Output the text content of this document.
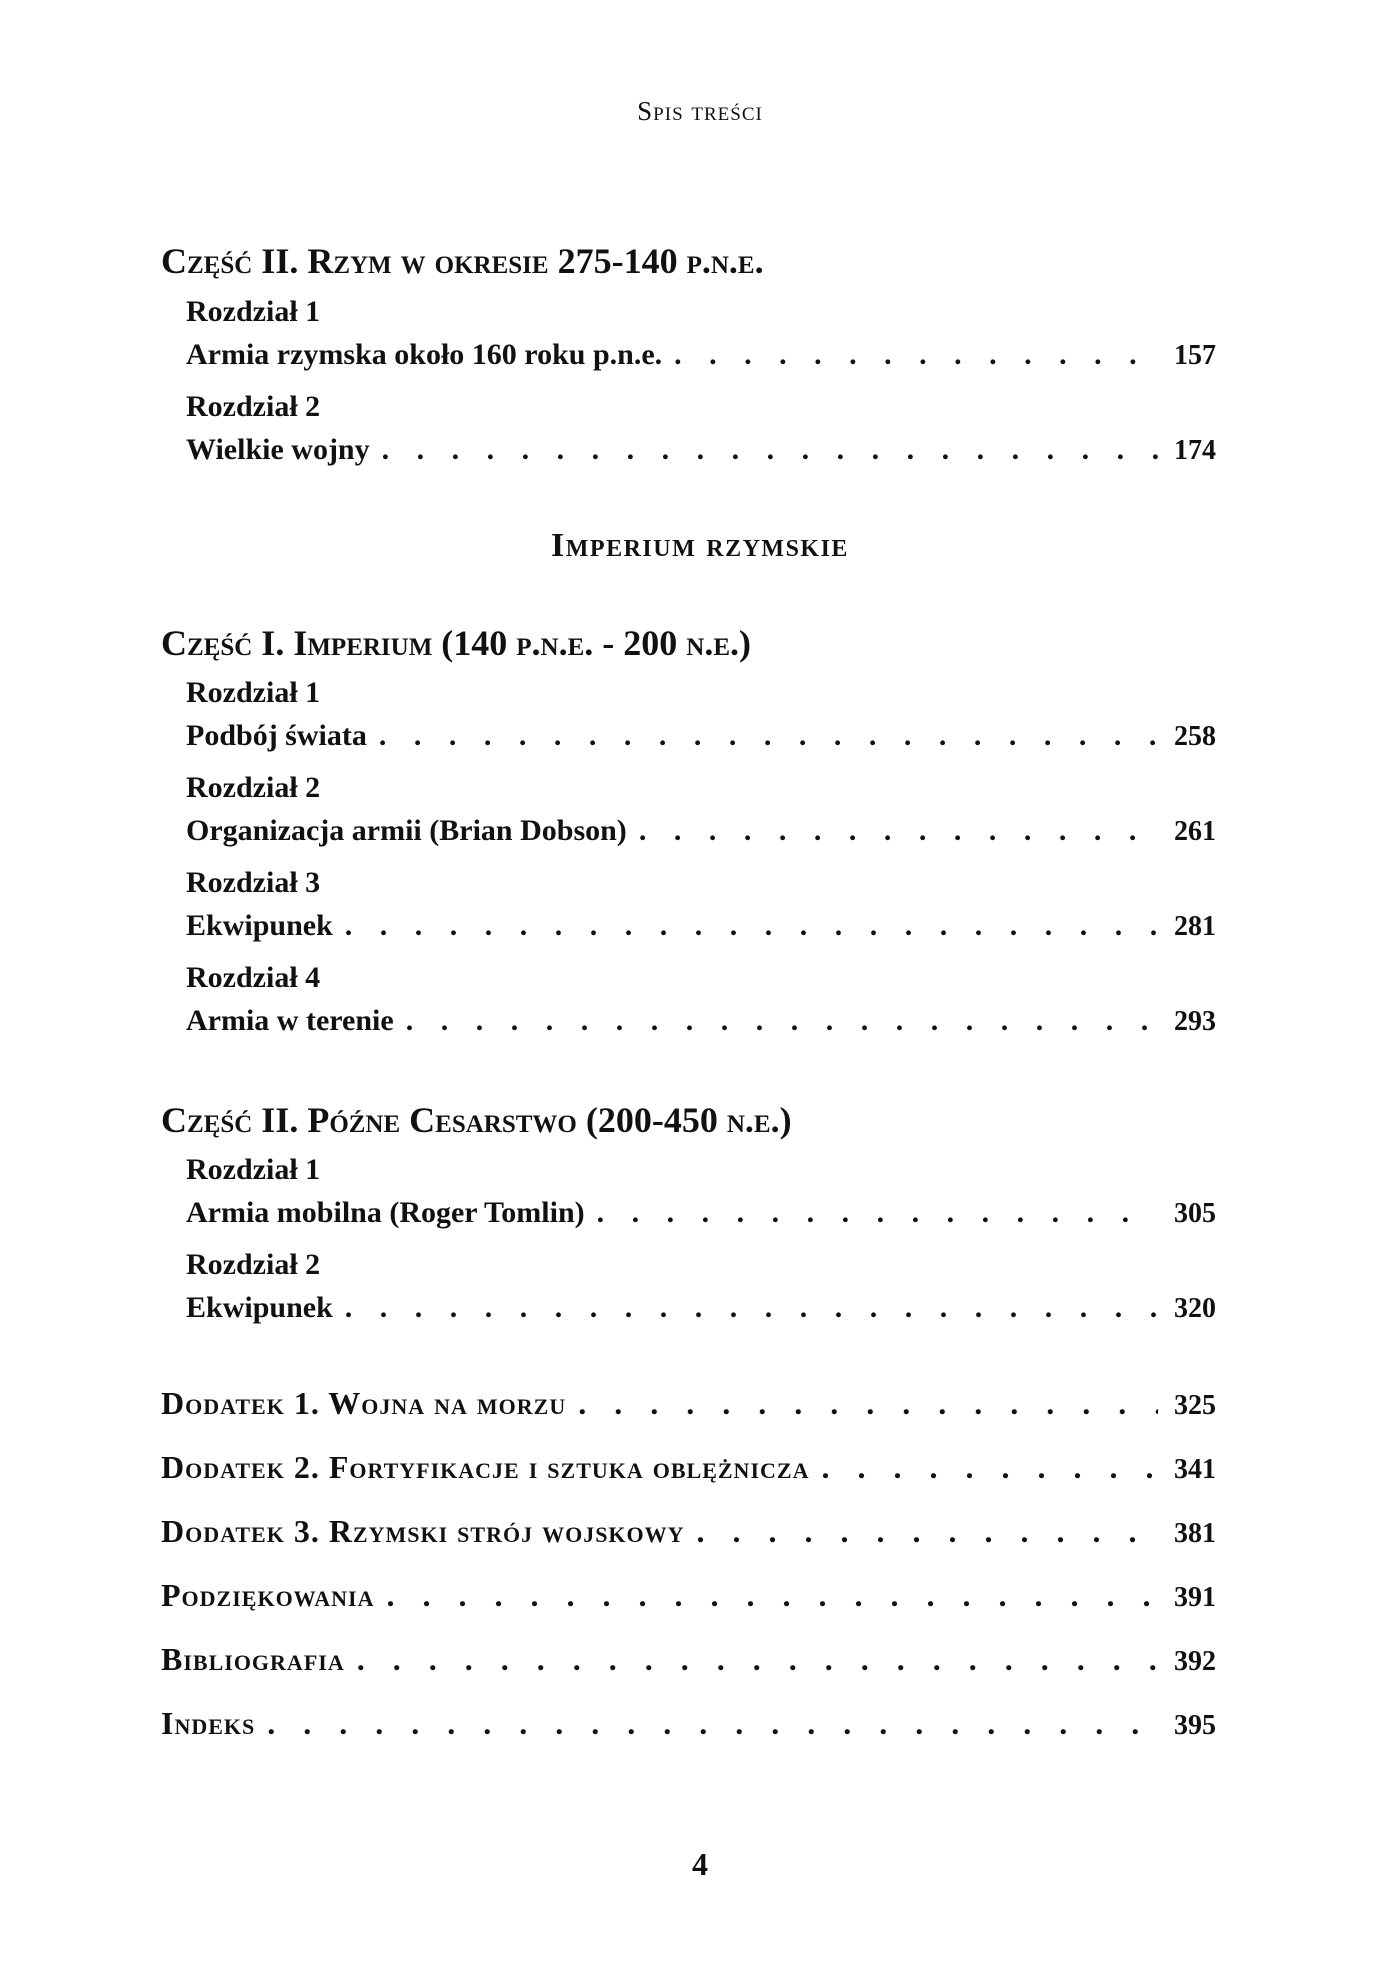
Spis treści
Część II. Rzym w okresie 275-140 p.n.e.
Rozdział 1
Armia rzymska około 160 roku p.n.e. . . .	157
Rozdział 2
Wielkie wojny . . .	174
Imperium rzymskie
Część I. Imperium (140 p.n.e. - 200 n.e.)
Rozdział 1
Podbój świata . . .	258
Rozdział 2
Organizacja armii (Brian Dobson) . . .	261
Rozdział 3
Ekwipunek . . .	281
Rozdział 4
Armia w terenie . . .	293
Część II. Późne Cesarstwo (200-450 n.e.)
Rozdział 1
Armia mobilna (Roger Tomlin) . . .	305
Rozdział 2
Ekwipunek . . .	320
Dodatek 1. Wojna na morzu . . .	325
Dodatek 2. Fortyfikacje i sztuka oblężnicza . . .	341
Dodatek 3. Rzymski strój wojskowy . . .	381
Podziękowania . . .	391
Bibliografia . . .	392
Indeks . . .	395
4
